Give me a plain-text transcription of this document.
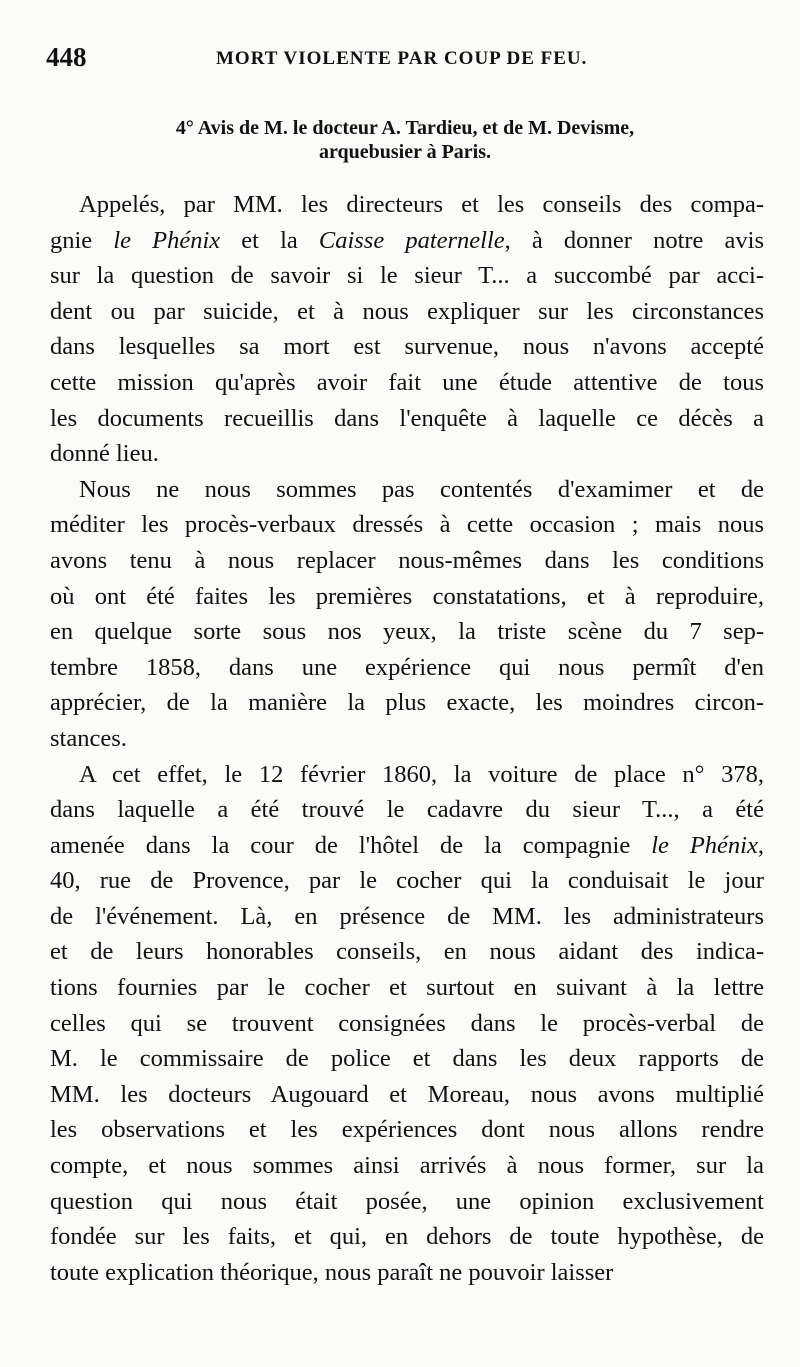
448	MORT VIOLENTE PAR COUP DE FEU.
4° Avis de M. le docteur A. Tardieu, et de M. Devisme,
arquebusier à Paris.
Appelés, par MM. les directeurs et les conseils des compa-
gnie le Phénix et la Caisse paternelle, à donner notre avis
sur la question de savoir si le sieur T... a succombé par acci-
dent ou par suicide, et à nous expliquer sur les circonstances
dans lesquelles sa mort est survenue, nous n'avons accepté
cette mission qu'après avoir fait une étude attentive de tous
les documents recueillis dans l'enquête à laquelle ce décès a
donné lieu.
Nous ne nous sommes pas contentés d'examimer et de
méditer les procès-verbaux dressés à cette occasion ; mais nous
avons tenu à nous replacer nous-mêmes dans les conditions
où ont été faites les premières constatations, et à reproduire,
en quelque sorte sous nos yeux, la triste scène du 7 sep-
tembre 1858, dans une expérience qui nous permît d'en
apprécier, de la manière la plus exacte, les moindres circon-
stances.
A cet effet, le 12 février 1860, la voiture de place n° 378,
dans laquelle a été trouvé le cadavre du sieur T..., a été
amenée dans la cour de l'hôtel de la compagnie le Phénix,
40, rue de Provence, par le cocher qui la conduisait le jour
de l'événement. Là, en présence de MM. les administrateurs
et de leurs honorables conseils, en nous aidant des indica-
tions fournies par le cocher et surtout en suivant à la lettre
celles qui se trouvent consignées dans le procès-verbal de
M. le commissaire de police et dans les deux rapports de
MM. les docteurs Augouard et Moreau, nous avons multiplié
les observations et les expériences dont nous allons rendre
compte, et nous sommes ainsi arrivés à nous former, sur la
question qui nous était posée, une opinion exclusivement
fondée sur les faits, et qui, en dehors de toute hypothèse, de
toute explication théorique, nous paraît ne pouvoir laisser
